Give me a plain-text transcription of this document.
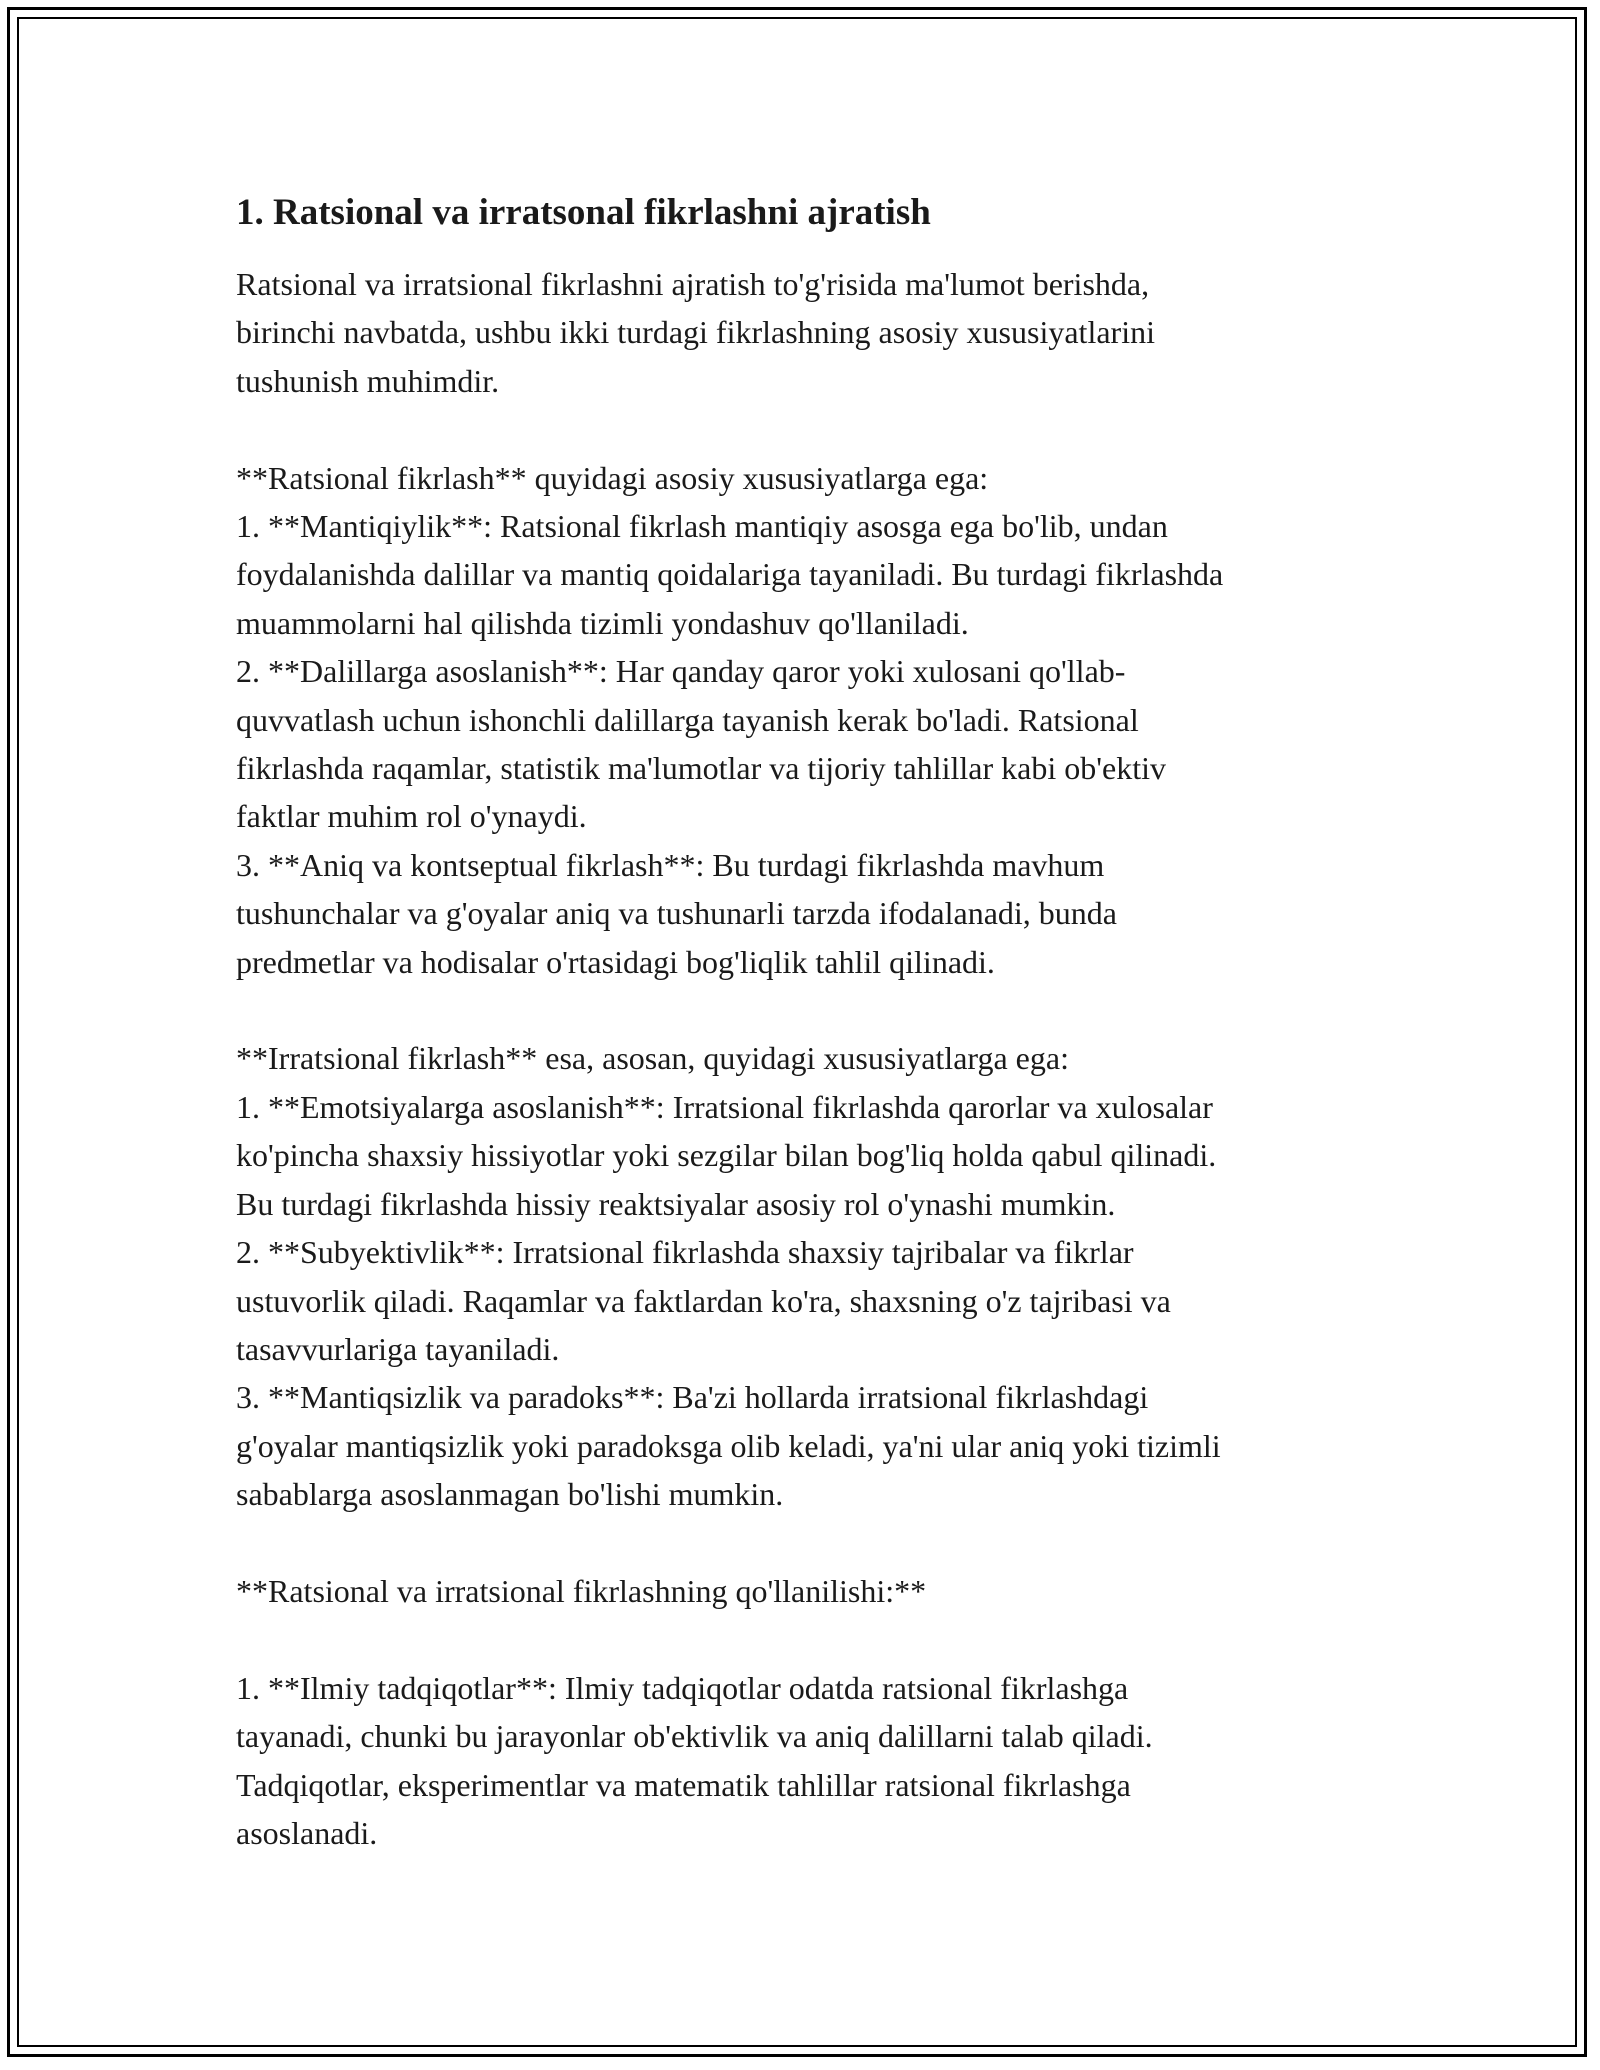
1. Ratsional va irratsonal fikrlashni ajratish

Ratsional va irratsional fikrlashni ajratish to'g'risida ma'lumot berishda,
birinchi navbatda, ushbu ikki turdagi fikrlashning asosiy xususiyatlarini
tushunish muhimdir.

**Ratsional fikrlash** quyidagi asosiy xususiyatlarga ega:
1. **Mantiqiylik**: Ratsional fikrlash mantiqiy asosga ega bo'lib, undan
foydalanishda dalillar va mantiq qoidalariga tayaniladi. Bu turdagi fikrlashda
muammolarni hal qilishda tizimli yondashuv qo'llaniladi.
2. **Dalillarga asoslanish**: Har qanday qaror yoki xulosani qo'llab-
quvvatlash uchun ishonchli dalillarga tayanish kerak bo'ladi. Ratsional
fikrlashda raqamlar, statistik ma'lumotlar va tijoriy tahlillar kabi ob'ektiv
faktlar muhim rol o'ynaydi.
3. **Aniq va kontseptual fikrlash**: Bu turdagi fikrlashda mavhum
tushunchalar va g'oyalar aniq va tushunarli tarzda ifodalanadi, bunda
predmetlar va hodisalar o'rtasidagi bog'liqlik tahlil qilinadi.

**Irratsional fikrlash** esa, asosan, quyidagi xususiyatlarga ega:
1. **Emotsiyalarga asoslanish**: Irratsional fikrlashda qarorlar va xulosalar
ko'pincha shaxsiy hissiyotlar yoki sezgilar bilan bog'liq holda qabul qilinadi.
Bu turdagi fikrlashda hissiy reaktsiyalar asosiy rol o'ynashi mumkin.
2. **Subyektivlik**: Irratsional fikrlashda shaxsiy tajribalar va fikrlar
ustuvorlik qiladi. Raqamlar va faktlardan ko'ra, shaxsning o'z tajribasi va
tasavvurlariga tayaniladi.
3. **Mantiqsizlik va paradoks**: Ba'zi hollarda irratsional fikrlashdagi
g'oyalar mantiqsizlik yoki paradoksga olib keladi, ya'ni ular aniq yoki tizimli
sabablarga asoslanmagan bo'lishi mumkin.

**Ratsional va irratsional fikrlashning qo'llanilishi:**

1. **Ilmiy tadqiqotlar**: Ilmiy tadqiqotlar odatda ratsional fikrlashga
tayanadi, chunki bu jarayonlar ob'ektivlik va aniq dalillarni talab qiladi.
Tadqiqotlar, eksperimentlar va matematik tahlillar ratsional fikrlashga
asoslanadi.
